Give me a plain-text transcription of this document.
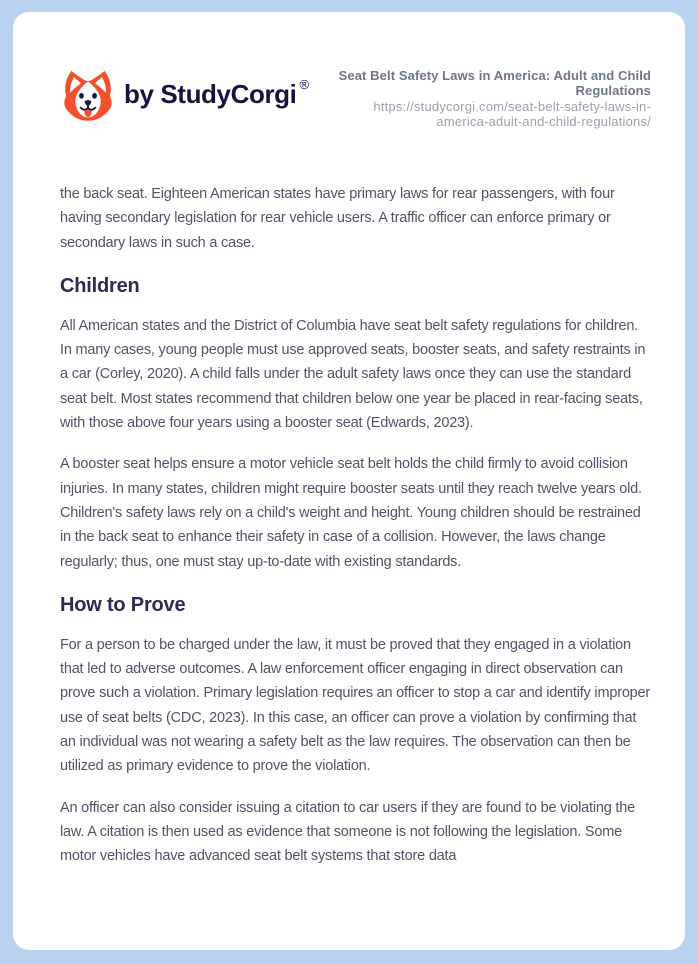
by StudyCorgi ®
Seat Belt Safety Laws in America: Adult and Child Regulations
https://studycorgi.com/seat-belt-safety-laws-in-america-adult-and-child-regulations/

the back seat. Eighteen American states have primary laws for rear passengers, with four having secondary legislation for rear vehicle users. A traffic officer can enforce primary or secondary laws in such a case.

Children

All American states and the District of Columbia have seat belt safety regulations for children. In many cases, young people must use approved seats, booster seats, and safety restraints in a car (Corley, 2020). A child falls under the adult safety laws once they can use the standard seat belt. Most states recommend that children below one year be placed in rear-facing seats, with those above four years using a booster seat (Edwards, 2023).

A booster seat helps ensure a motor vehicle seat belt holds the child firmly to avoid collision injuries. In many states, children might require booster seats until they reach twelve years old. Children's safety laws rely on a child's weight and height. Young children should be restrained in the back seat to enhance their safety in case of a collision. However, the laws change regularly; thus, one must stay up-to-date with existing standards.

How to Prove

For a person to be charged under the law, it must be proved that they engaged in a violation that led to adverse outcomes. A law enforcement officer engaging in direct observation can prove such a violation. Primary legislation requires an officer to stop a car and identify improper use of seat belts (CDC, 2023). In this case, an officer can prove a violation by confirming that an individual was not wearing a safety belt as the law requires. The observation can then be utilized as primary evidence to prove the violation.

An officer can also consider issuing a citation to car users if they are found to be violating the law. A citation is then used as evidence that someone is not following the legislation. Some motor vehicles have advanced seat belt systems that store data
